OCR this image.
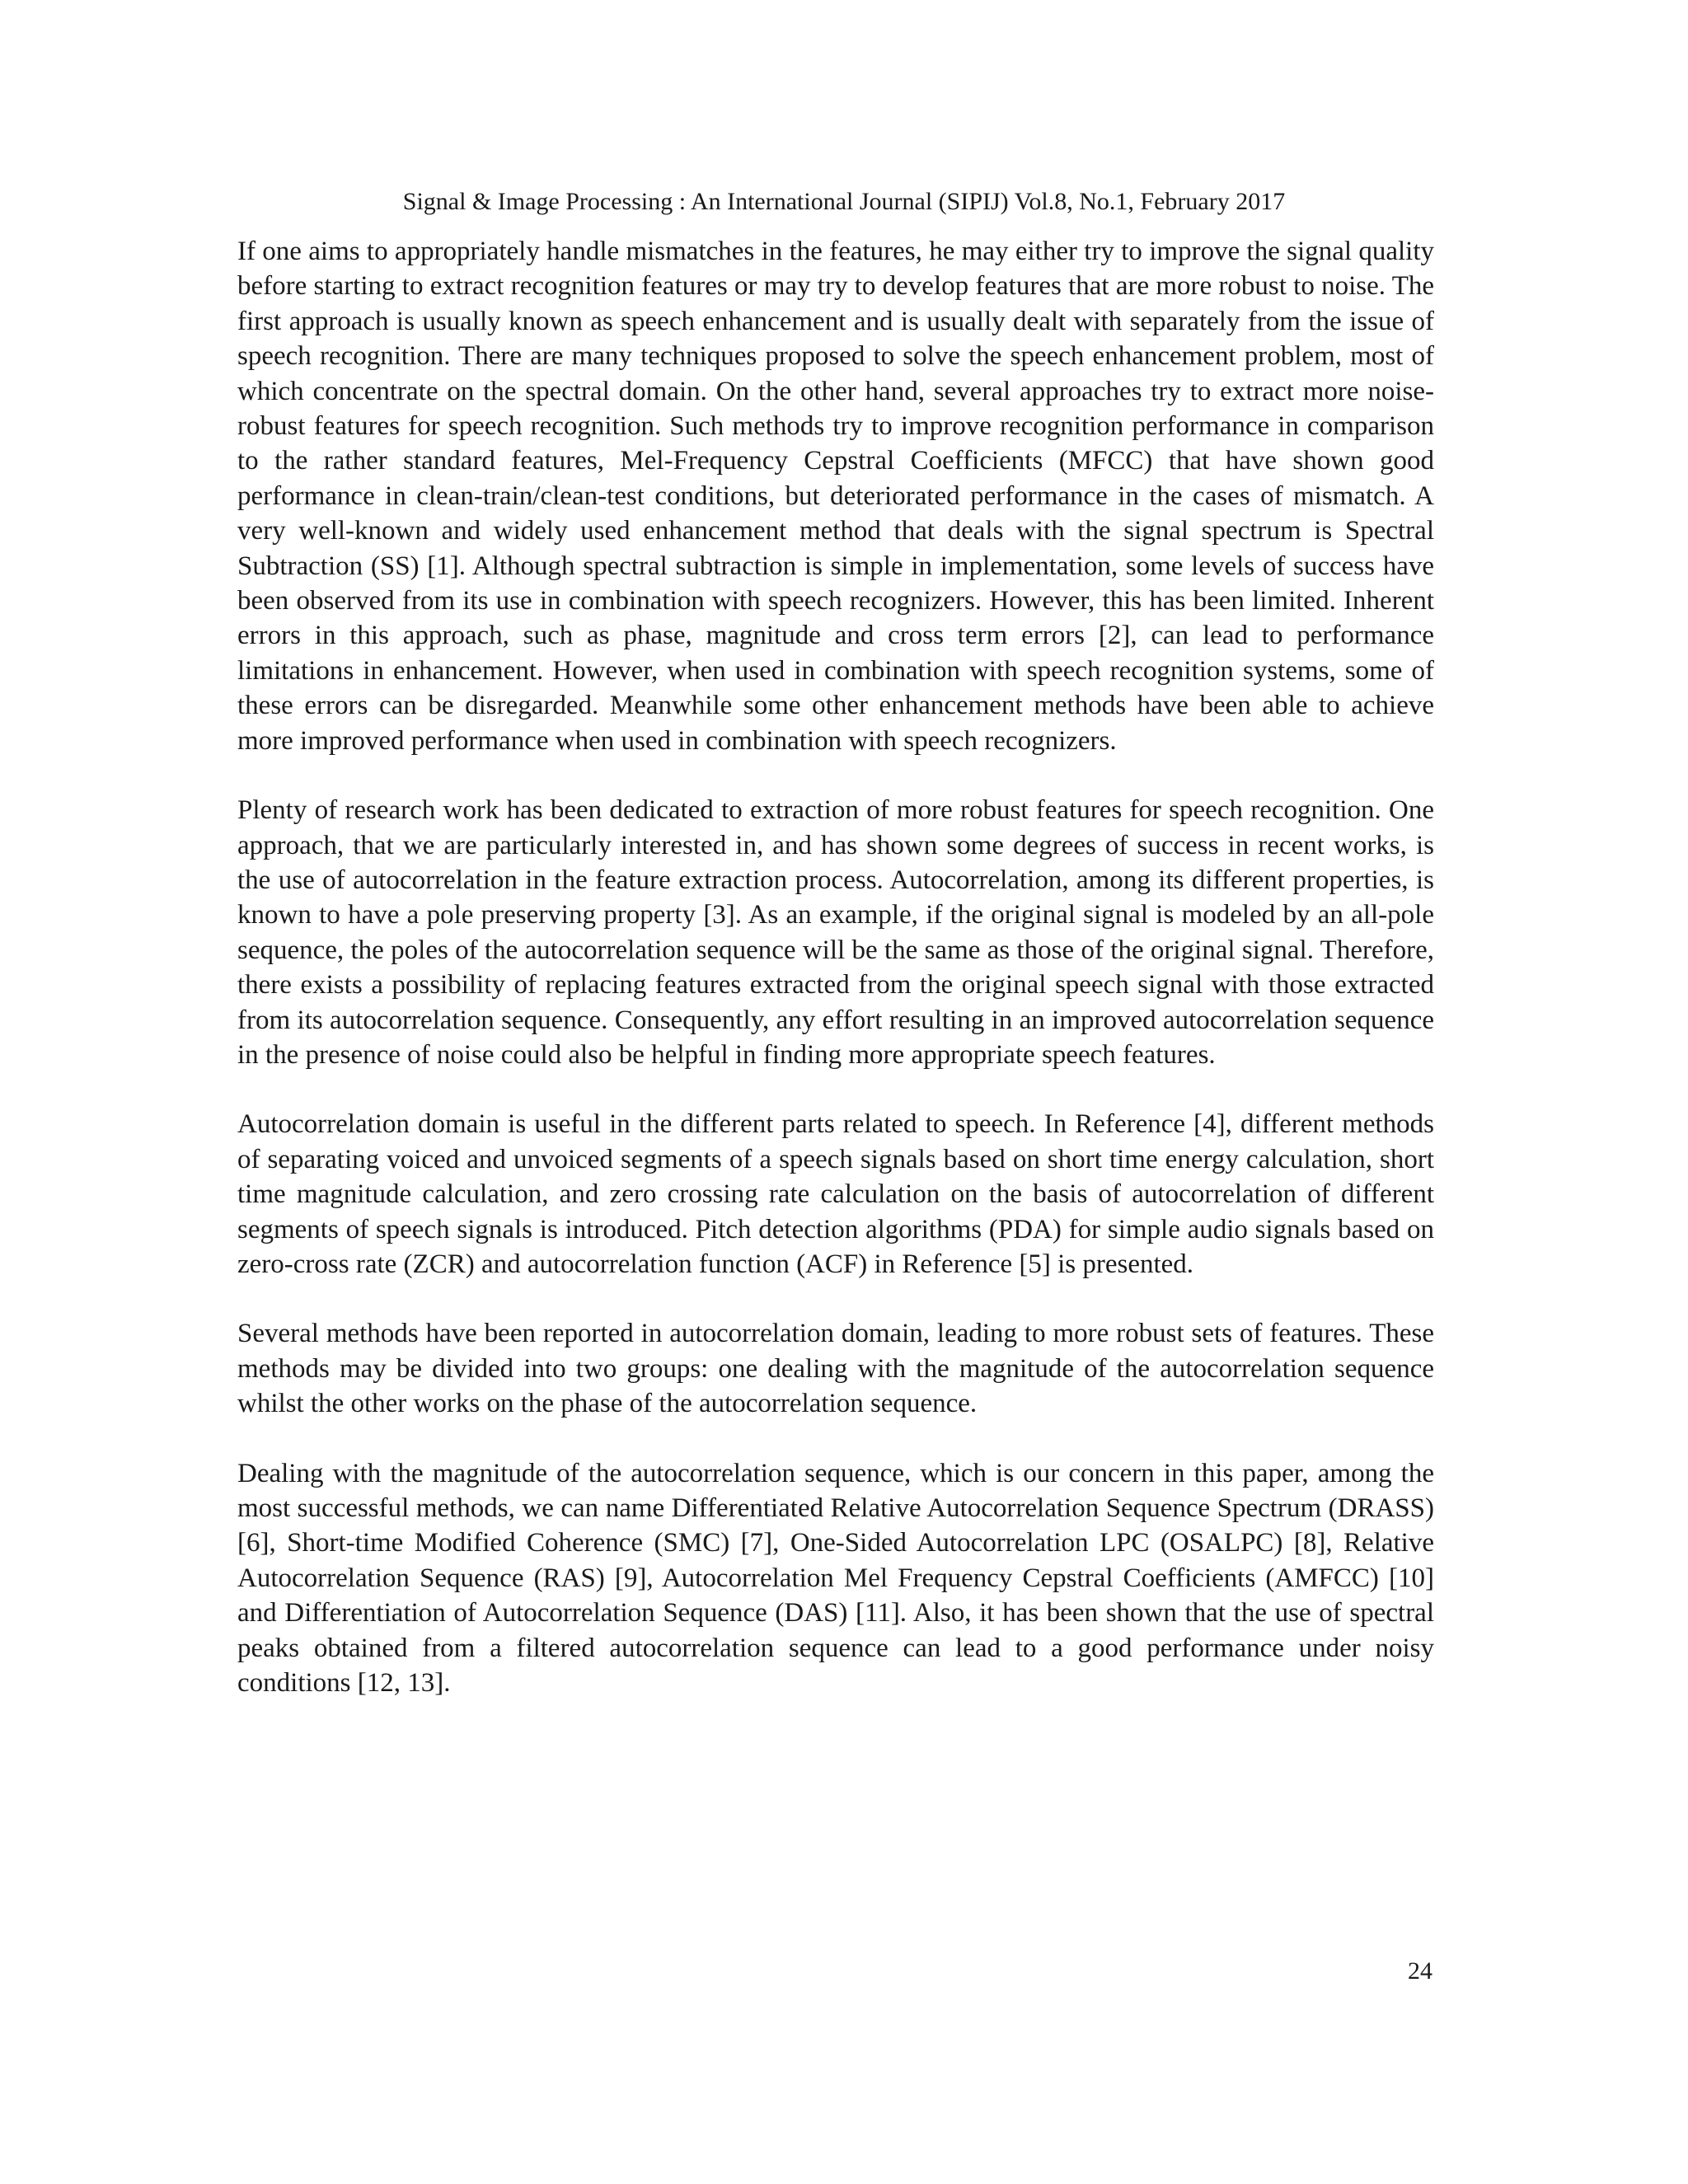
Signal & Image Processing : An International Journal (SIPIJ) Vol.8, No.1, February 2017

If one aims to appropriately handle mismatches in the features, he may either try to improve the signal quality before starting to extract recognition features or may try to develop features that are more robust to noise. The first approach is usually known as speech enhancement and is usually dealt with separately from the issue of speech recognition. There are many techniques proposed to solve the speech enhancement problem, most of which concentrate on the spectral domain. On the other hand, several approaches try to extract more noise-robust features for speech recognition. Such methods try to improve recognition performance in comparison to the rather standard features, Mel-Frequency Cepstral Coefficients (MFCC) that have shown good performance in clean-train/clean-test conditions, but deteriorated performance in the cases of mismatch. A very well-known and widely used enhancement method that deals with the signal spectrum is Spectral Subtraction (SS) [1]. Although spectral subtraction is simple in implementation, some levels of success have been observed from its use in combination with speech recognizers. However, this has been limited. Inherent errors in this approach, such as phase, magnitude and cross term errors [2], can lead to performance limitations in enhancement. However, when used in combination with speech recognition systems, some of these errors can be disregarded. Meanwhile some other enhancement methods have been able to achieve more improved performance when used in combination with speech recognizers.

Plenty of research work has been dedicated to extraction of more robust features for speech recognition. One approach, that we are particularly interested in, and has shown some degrees of success in recent works, is the use of autocorrelation in the feature extraction process. Autocorrelation, among its different properties, is known to have a pole preserving property [3]. As an example, if the original signal is modeled by an all-pole sequence, the poles of the autocorrelation sequence will be the same as those of the original signal. Therefore, there exists a possibility of replacing features extracted from the original speech signal with those extracted from its autocorrelation sequence. Consequently, any effort resulting in an improved autocorrelation sequence in the presence of noise could also be helpful in finding more appropriate speech features.

Autocorrelation domain is useful in the different parts related to speech. In Reference [4], different methods of separating voiced and unvoiced segments of a speech signals based on short time energy calculation, short time magnitude calculation, and zero crossing rate calculation on the basis of autocorrelation of different segments of speech signals is introduced. Pitch detection algorithms (PDA) for simple audio signals based on zero-cross rate (ZCR) and autocorrelation function (ACF) in Reference [5] is presented.

Several methods have been reported in autocorrelation domain, leading to more robust sets of features. These methods may be divided into two groups: one dealing with the magnitude of the autocorrelation sequence whilst the other works on the phase of the autocorrelation sequence.

Dealing with the magnitude of the autocorrelation sequence, which is our concern in this paper, among the most successful methods, we can name Differentiated Relative Autocorrelation Sequence Spectrum (DRASS) [6], Short-time Modified Coherence (SMC) [7], One-Sided Autocorrelation LPC (OSALPC) [8], Relative Autocorrelation Sequence (RAS) [9], Autocorrelation Mel Frequency Cepstral Coefficients (AMFCC) [10] and Differentiation of Autocorrelation Sequence (DAS) [11]. Also, it has been shown that the use of spectral peaks obtained from a filtered autocorrelation sequence can lead to a good performance under noisy conditions [12, 13].

24
